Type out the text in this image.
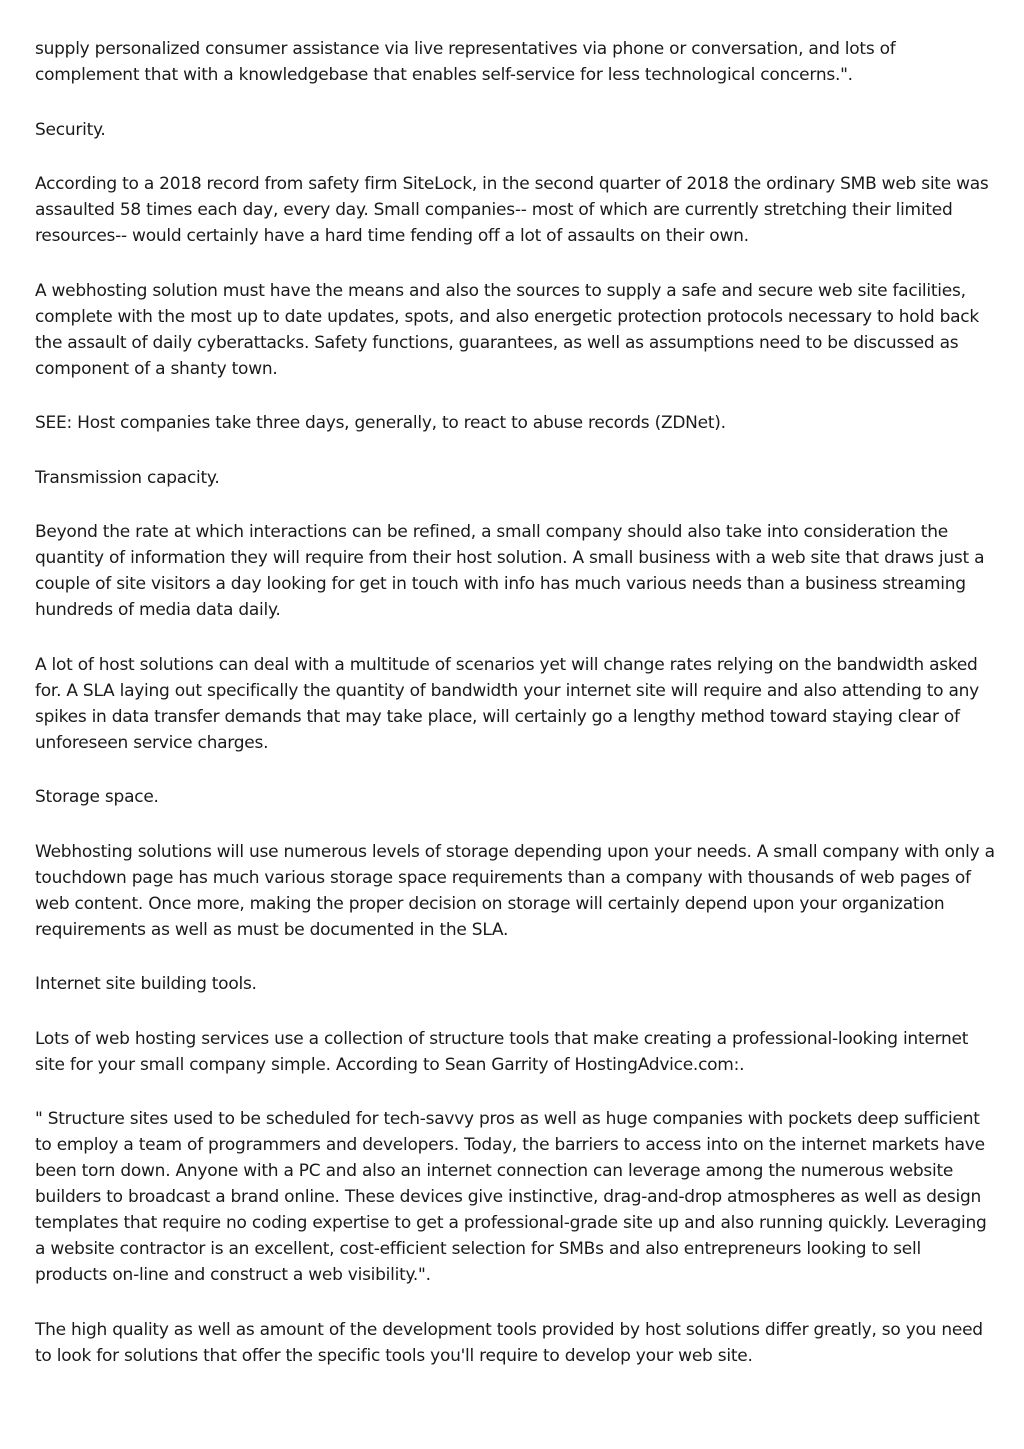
supply personalized consumer assistance via live representatives via phone or conversation, and lots of complement that with a knowledgebase that enables self-service for less technological concerns.".

Security.

According to a 2018 record from safety firm SiteLock, in the second quarter of 2018 the ordinary SMB web site was assaulted 58 times each day, every day. Small companies-- most of which are currently stretching their limited resources-- would certainly have a hard time fending off a lot of assaults on their own.

A webhosting solution must have the means and also the sources to supply a safe and secure web site facilities, complete with the most up to date updates, spots, and also energetic protection protocols necessary to hold back the assault of daily cyberattacks. Safety functions, guarantees, as well as assumptions need to be discussed as component of a shanty town.

SEE: Host companies take three days, generally, to react to abuse records (ZDNet).

Transmission capacity.

Beyond the rate at which interactions can be refined, a small company should also take into consideration the quantity of information they will require from their host solution. A small business with a web site that draws just a couple of site visitors a day looking for get in touch with info has much various needs than a business streaming hundreds of media data daily.

A lot of host solutions can deal with a multitude of scenarios yet will change rates relying on the bandwidth asked for. A SLA laying out specifically the quantity of bandwidth your internet site will require and also attending to any spikes in data transfer demands that may take place, will certainly go a lengthy method toward staying clear of unforeseen service charges.

Storage space.

Webhosting solutions will use numerous levels of storage depending upon your needs. A small company with only a touchdown page has much various storage space requirements than a company with thousands of web pages of web content. Once more, making the proper decision on storage will certainly depend upon your organization requirements as well as must be documented in the SLA.

Internet site building tools.

Lots of web hosting services use a collection of structure tools that make creating a professional-looking internet site for your small company simple. According to Sean Garrity of HostingAdvice.com:.

" Structure sites used to be scheduled for tech-savvy pros as well as huge companies with pockets deep sufficient to employ a team of programmers and developers. Today, the barriers to access into on the internet markets have been torn down. Anyone with a PC and also an internet connection can leverage among the numerous website builders to broadcast a brand online. These devices give instinctive, drag-and-drop atmospheres as well as design templates that require no coding expertise to get a professional-grade site up and also running quickly. Leveraging a website contractor is an excellent, cost-efficient selection for SMBs and also entrepreneurs looking to sell products on-line and construct a web visibility.".

The high quality as well as amount of the development tools provided by host solutions differ greatly, so you need to look for solutions that offer the specific tools you'll require to develop your web site.
